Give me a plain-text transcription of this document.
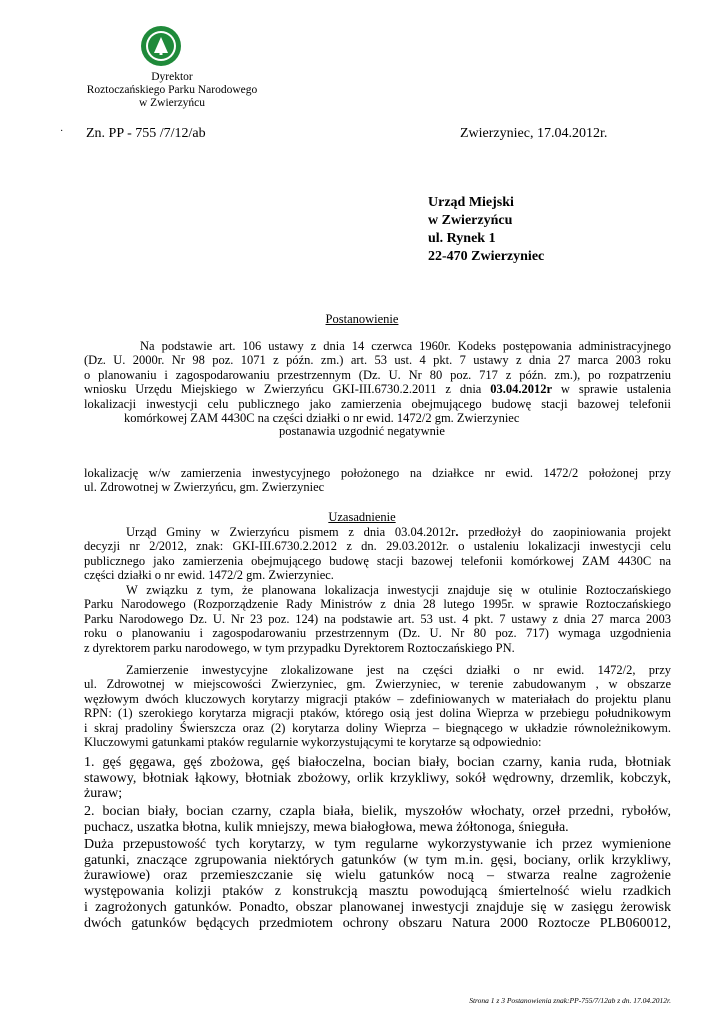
Dyrektor
Roztoczańskiego Parku Narodowego
w Zwierzyńcu
· Zn. PP - 755 /7/12/ab	Zwierzyniec, 17.04.2012r.
Urząd Miejski
w Zwierzyńcu
ul. Rynek 1
22-470 Zwierzyniec
Postanowienie
Na podstawie art. 106 ustawy z dnia 14 czerwca 1960r. Kodeks postępowania administracyjnego
(Dz. U. 2000r. Nr 98 poz. 1071 z późn. zm.) art. 53 ust. 4 pkt. 7 ustawy z dnia 27 marca 2003 roku
o planowaniu i zagospodarowaniu przestrzennym (Dz. U. Nr 80 poz. 717 z późn. zm.), po rozpatrzeniu
wniosku Urzędu Miejskiego w Zwierzyńcu GKI-III.6730.2.2011 z dnia 03.04.2012r w sprawie ustalenia
lokalizacji inwestycji celu publicznego jako zamierzenia obejmującego budowę stacji bazowej telefonii
komórkowej ZAM 4430C na części działki o nr ewid. 1472/2 gm. Zwierzyniec
postanawia uzgodnić negatywnie
lokalizację w/w zamierzenia inwestycyjnego położonego na działkce nr ewid. 1472/2 położonej przy
ul. Zdrowotnej w Zwierzyńcu, gm. Zwierzyniec
Uzasadnienie
Urząd Gminy w Zwierzyńcu pismem z dnia 03.04.2012r. przedłożył do zaopiniowania projekt
decyzji nr 2/2012, znak: GKI-III.6730.2.2012 z dn. 29.03.2012r. o ustaleniu lokalizacji inwestycji celu
publicznego jako zamierzenia obejmującego budowę stacji bazowej telefonii komórkowej ZAM 4430C na
części działki o nr ewid. 1472/2 gm. Zwierzyniec.
W związku z tym, że planowana lokalizacja inwestycji znajduje się w otulinie Roztoczańskiego
Parku Narodowego (Rozporządzenie Rady Ministrów z dnia 28 lutego 1995r. w sprawie Roztoczańskiego
Parku Narodowego Dz. U. Nr 23 poz. 124) na podstawie art. 53 ust. 4 pkt. 7 ustawy z dnia 27 marca 2003
roku o planowaniu i zagospodarowaniu przestrzennym (Dz. U. Nr 80 poz. 717) wymaga uzgodnienia
z dyrektorem parku narodowego, w tym przypadku Dyrektorem Roztoczańskiego PN.
Zamierzenie inwestycyjne zlokalizowane jest na części działki o nr ewid. 1472/2, przy
ul. Zdrowotnej w miejscowości Zwierzyniec, gm. Zwierzyniec, w terenie zabudowanym , w obszarze
węzłowym dwóch kluczowych korytarzy migracji ptaków – zdefiniowanych w materiałach do projektu planu
RPN: (1) szerokiego korytarza migracji ptaków, którego osią jest dolina Wieprza w przebiegu południkowym
i skraj pradoliny Świerszcza oraz (2) korytarza doliny Wieprza – biegnącego w układzie równoleżnikowym.
Kluczowymi gatunkami ptaków regularnie wykorzystującymi te korytarze są odpowiednio:
1. gęś gęgawa, gęś zbożowa, gęś białoczelna, bocian biały, bocian czarny, kania ruda, błotniak
stawowy, błotniak łąkowy, błotniak zbożowy, orlik krzykliwy, sokół wędrowny, drzemlik, kobczyk,
żuraw;
2. bocian biały, bocian czarny, czapla biała, bielik, myszołów włochaty, orzeł przedni, rybołów,
puchacz, uszatka błotna, kulik mniejszy, mewa białogłowa, mewa żółtonoga, śnieguła.
Duża przepustowość tych korytarzy, w tym regularne wykorzystywanie ich przez wymienione
gatunki, znaczące zgrupowania niektórych gatunków (w tym m.in. gęsi, bociany, orlik krzykliwy,
żurawiowe) oraz przemieszczanie się wielu gatunków nocą – stwarza realne zagrożenie
występowania kolizji ptaków z konstrukcją masztu powodującą śmiertelność wielu rzadkich
i zagrożonych gatunków. Ponadto, obszar planowanej inwestycji znajduje się w zasięgu żerowisk
dwóch gatunków będących przedmiotem ochrony obszaru Natura 2000 Roztocze PLB060012,
Strona 1 z 3 Postanowienia znak:PP-755/7/12ab z dn. 17.04.2012r.
